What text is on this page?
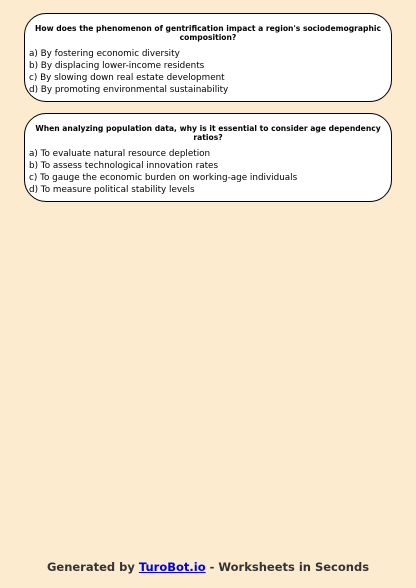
How does the phenomenon of gentrification impact a region's sociodemographic composition?
a) By fostering economic diversity
b) By displacing lower-income residents
c) By slowing down real estate development
d) By promoting environmental sustainability
When analyzing population data, why is it essential to consider age dependency ratios?
a) To evaluate natural resource depletion
b) To assess technological innovation rates
c) To gauge the economic burden on working-age individuals
d) To measure political stability levels
Generated by TuroBot.io - Worksheets in Seconds
